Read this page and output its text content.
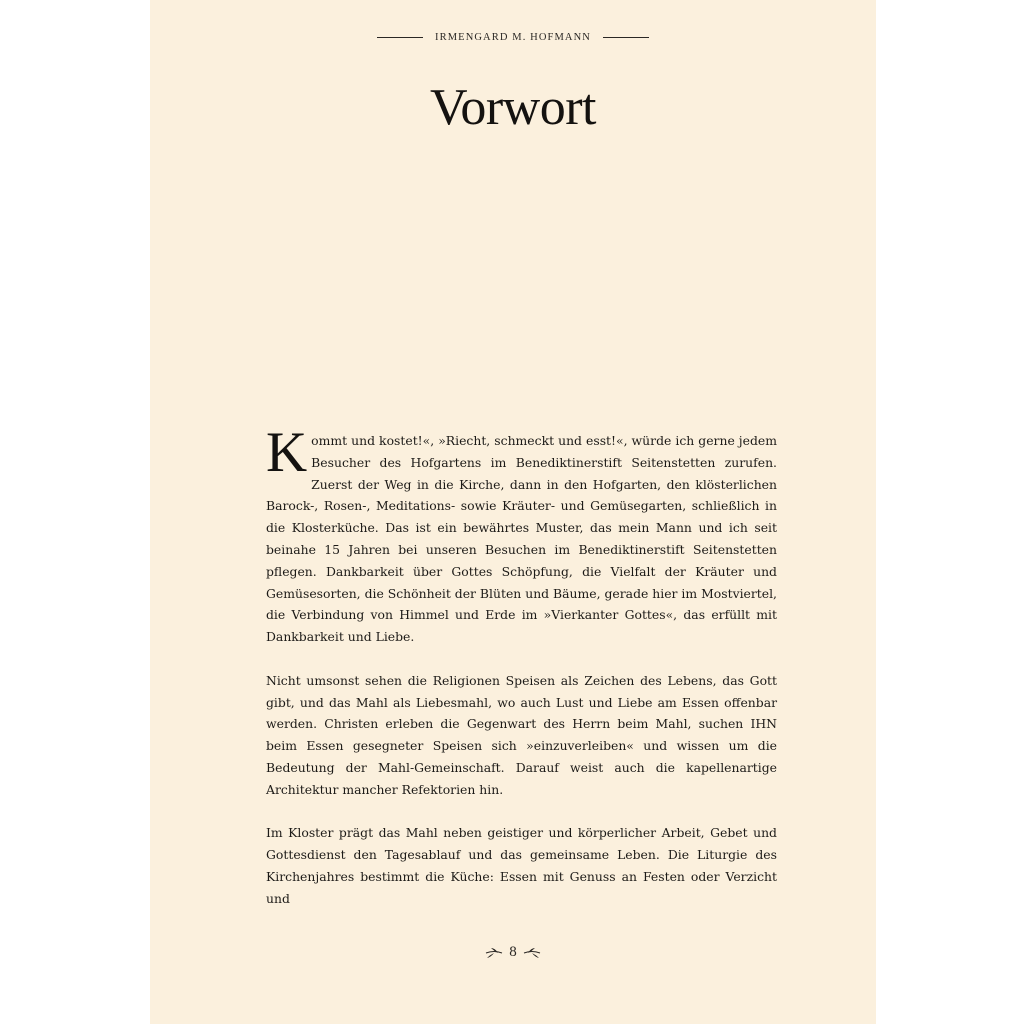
IRMENGARD M. HOFMANN
Vorwort

Kommt und kostet!«, »Riecht, schmeckt und esst!«, würde ich gerne jedem Besucher des Hofgartens im Benediktinerstift Seitenstetten zurufen. Zuerst der Weg in die Kirche, dann in den Hofgarten, den klösterlichen Barock-, Rosen-, Meditations- sowie Kräuter- und Gemüsegarten, schließlich in die Klosterküche. Das ist ein bewährtes Muster, das mein Mann und ich seit beinahe 15 Jahren bei unseren Besuchen im Benediktinerstift Seitenstetten pflegen. Dankbarkeit über Gottes Schöpfung, die Vielfalt der Kräuter und Gemüsesorten, die Schönheit der Blüten und Bäume, gerade hier im Mostviertel, die Verbindung von Himmel und Erde im »Vierkanter Gottes«, das erfüllt mit Dankbarkeit und Liebe.

Nicht umsonst sehen die Religionen Speisen als Zeichen des Lebens, das Gott gibt, und das Mahl als Liebesmahl, wo auch Lust und Liebe am Essen offenbar werden. Christen erleben die Gegenwart des Herrn beim Mahl, suchen IHN beim Essen gesegneter Speisen sich »einzuverleiben« und wissen um die Bedeutung der Mahl-Gemeinschaft. Darauf weist auch die kapellenartige Architektur mancher Refektorien hin.

Im Kloster prägt das Mahl neben geistiger und körperlicher Arbeit, Gebet und Gottesdienst den Tagesablauf und das gemeinsame Leben. Die Liturgie des Kirchenjahres bestimmt die Küche: Essen mit Genuss an Festen oder Verzicht und

8
